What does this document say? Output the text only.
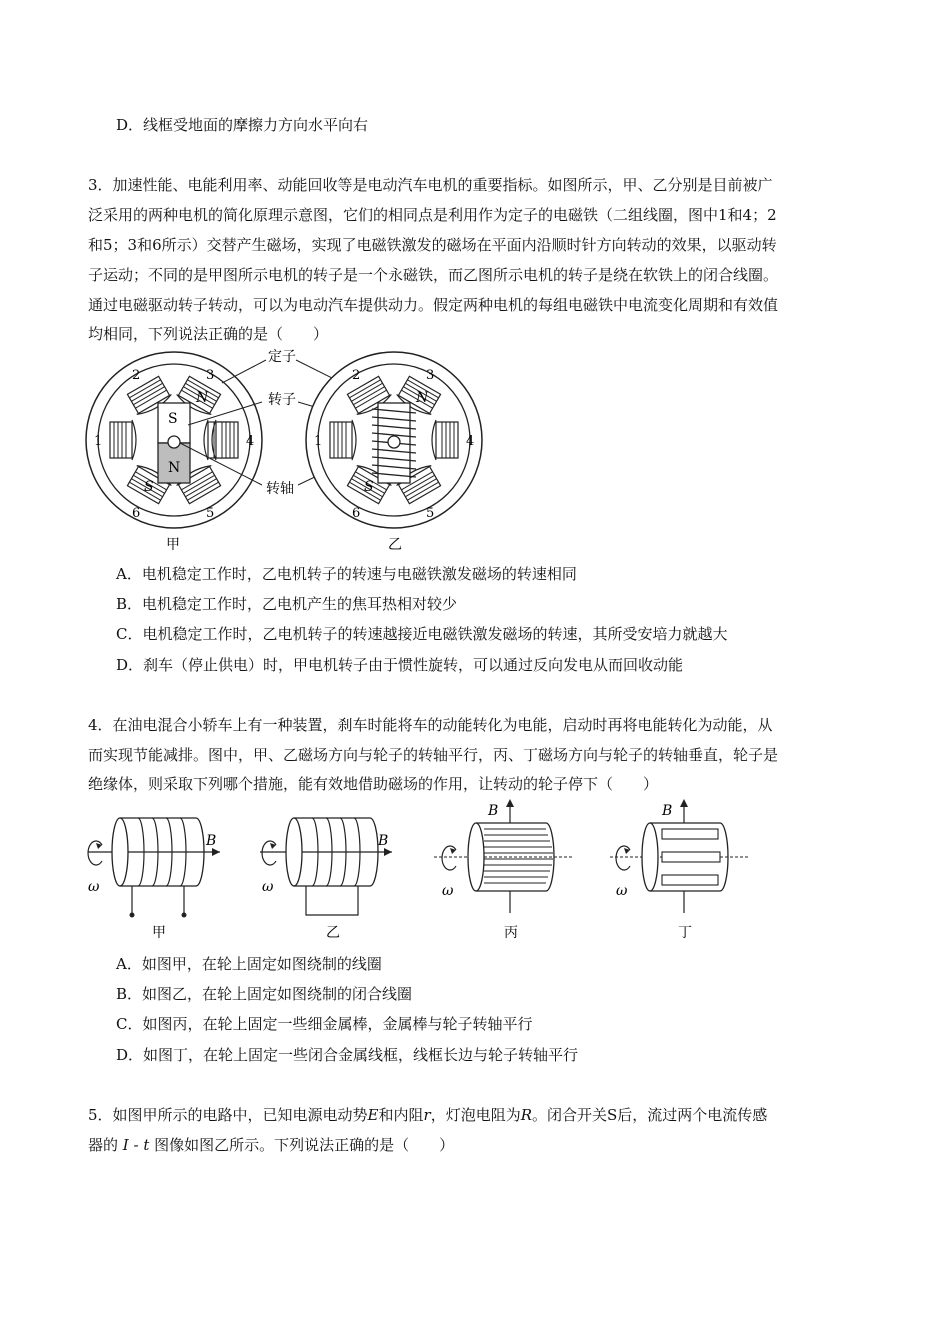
D．线框受地面的摩擦力方向水平向右
3．加速性能、电能利用率、动能回收等是电动汽车电机的重要指标。如图所示，甲、乙分别是目前被广
泛采用的两种电机的简化原理示意图，它们的相同点是利用作为定子的电磁铁（二组线圈，图中1和4；2
和5；3和6所示）交替产生磁场，实现了电磁铁激发的磁场在平面内沿顺时针方向转动的效果，以驱动转
子运动；不同的是甲图所示电机的转子是一个永磁铁，而乙图所示电机的转子是绕在软铁上的闭合线圈。
通过电磁驱动转子转动，可以为电动汽车提供动力。假定两种电机的每组电磁铁中电流变化周期和有效值
均相同，下列说法正确的是（　　）
S
N
N
S
1
2	3
4
5
6
甲
定子
转子
转轴
N
S
1
2	3
4
5
6
乙
A．电机稳定工作时，乙电机转子的转速与电磁铁激发磁场的转速相同
B．电机稳定工作时，乙电机产生的焦耳热相对较少
C．电机稳定工作时，乙电机转子的转速越接近电磁铁激发磁场的转速，其所受安培力就越大
D．刹车（停止供电）时，甲电机转子由于惯性旋转，可以通过反向发电从而回收动能
4．在油电混合小轿车上有一种装置，刹车时能将车的动能转化为电能，启动时再将电能转化为动能，从
而实现节能减排。图中，甲、乙磁场方向与轮子的转轴平行，丙、丁磁场方向与轮子的转轴垂直，轮子是
绝缘体，则采取下列哪个措施，能有效地借助磁场的作用，让转动的轮子停下（　　）
B
ω
甲
B
ω
乙
B
ω
丙
B
ω
丁
A．如图甲，在轮上固定如图绕制的线圈
B．如图乙，在轮上固定如图绕制的闭合线圈
C．如图丙，在轮上固定一些细金属棒，金属棒与轮子转轴平行
D．如图丁，在轮上固定一些闭合金属线框，线框长边与轮子转轴平行
5．如图甲所示的电路中，已知电源电动势E和内阻r，灯泡电阻为R。闭合开关S后，流过两个电流传感
器的 I - t 图像如图乙所示。下列说法正确的是（　　）
